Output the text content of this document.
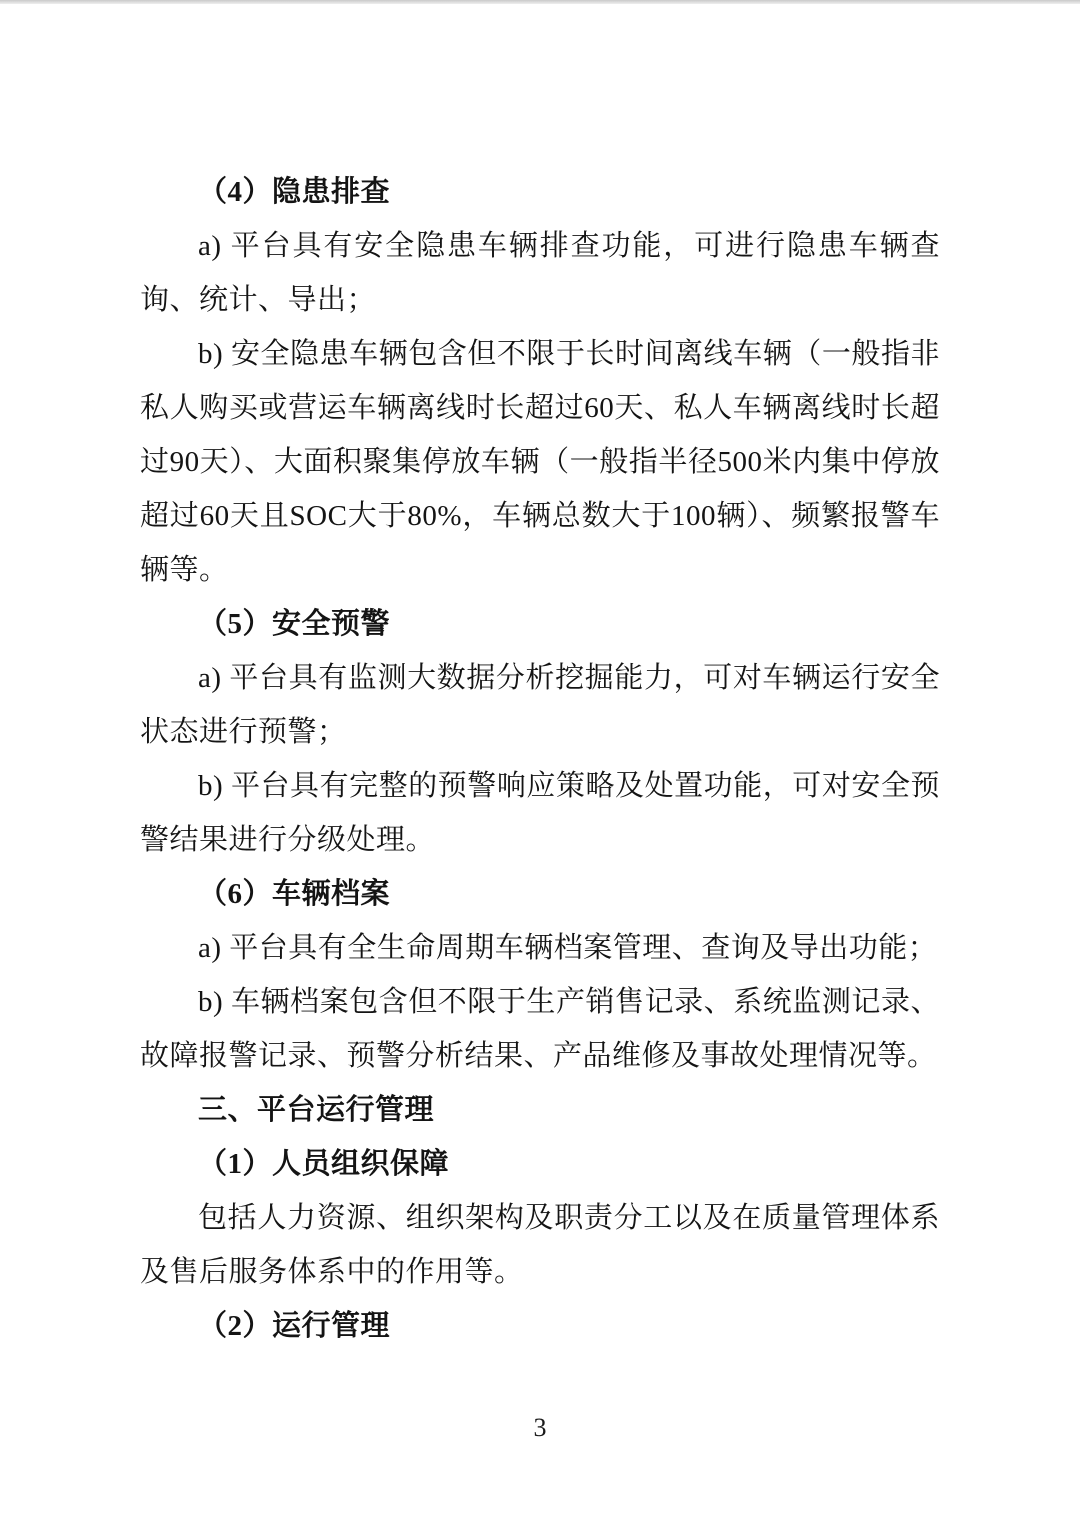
（4）隐患排查

a) 平台具有安全隐患车辆排查功能，可进行隐患车辆查询、统计、导出；

b) 安全隐患车辆包含但不限于长时间离线车辆（一般指非私人购买或营运车辆离线时长超过60天、私人车辆离线时长超过90天）、大面积聚集停放车辆（一般指半径500米内集中停放超过60天且SOC大于80%，车辆总数大于100辆）、频繁报警车辆等。

（5）安全预警

a) 平台具有监测大数据分析挖掘能力，可对车辆运行安全状态进行预警；

b) 平台具有完整的预警响应策略及处置功能，可对安全预警结果进行分级处理。

（6）车辆档案

a) 平台具有全生命周期车辆档案管理、查询及导出功能；

b) 车辆档案包含但不限于生产销售记录、系统监测记录、故障报警记录、预警分析结果、产品维修及事故处理情况等。

三、平台运行管理

（1）人员组织保障

包括人力资源、组织架构及职责分工以及在质量管理体系及售后服务体系中的作用等。

（2）运行管理

3
